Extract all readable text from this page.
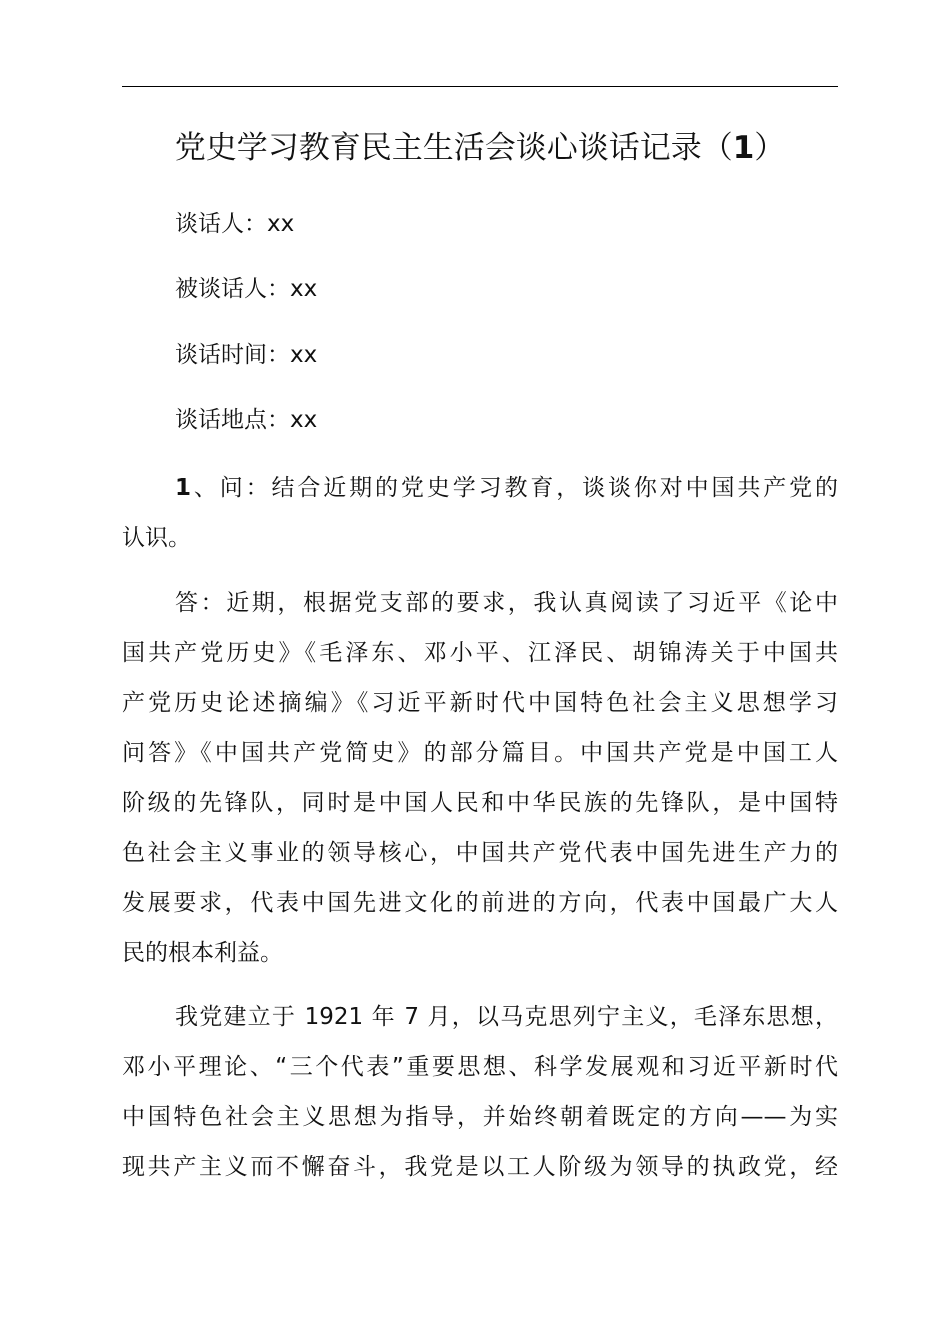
党史学习教育民主生活会谈心谈话记录（1）
谈话人：xx
被谈话人：xx
谈话时间：xx
谈话地点：xx
1、问：结合近期的党史学习教育，谈谈你对中国共产党的
认识。
答：近期，根据党支部的要求，我认真阅读了习近平《论中
国共产党历史》《毛泽东、邓小平、江泽民、胡锦涛关于中国共
产党历史论述摘编》《习近平新时代中国特色社会主义思想学习
问答》《中国共产党简史》的部分篇目。中国共产党是中国工人
阶级的先锋队，同时是中国人民和中华民族的先锋队，是中国特
色社会主义事业的领导核心，中国共产党代表中国先进生产力的
发展要求，代表中国先进文化的前进的方向，代表中国最广大人
民的根本利益。
我党建立于 1921 年 7 月，以马克思列宁主义，毛泽东思想，
邓小平理论、“三个代表”重要思想、科学发展观和习近平新时代
中国特色社会主义思想为指导，并始终朝着既定的方向——为实
现共产主义而不懈奋斗，我党是以工人阶级为领导的执政党，经
